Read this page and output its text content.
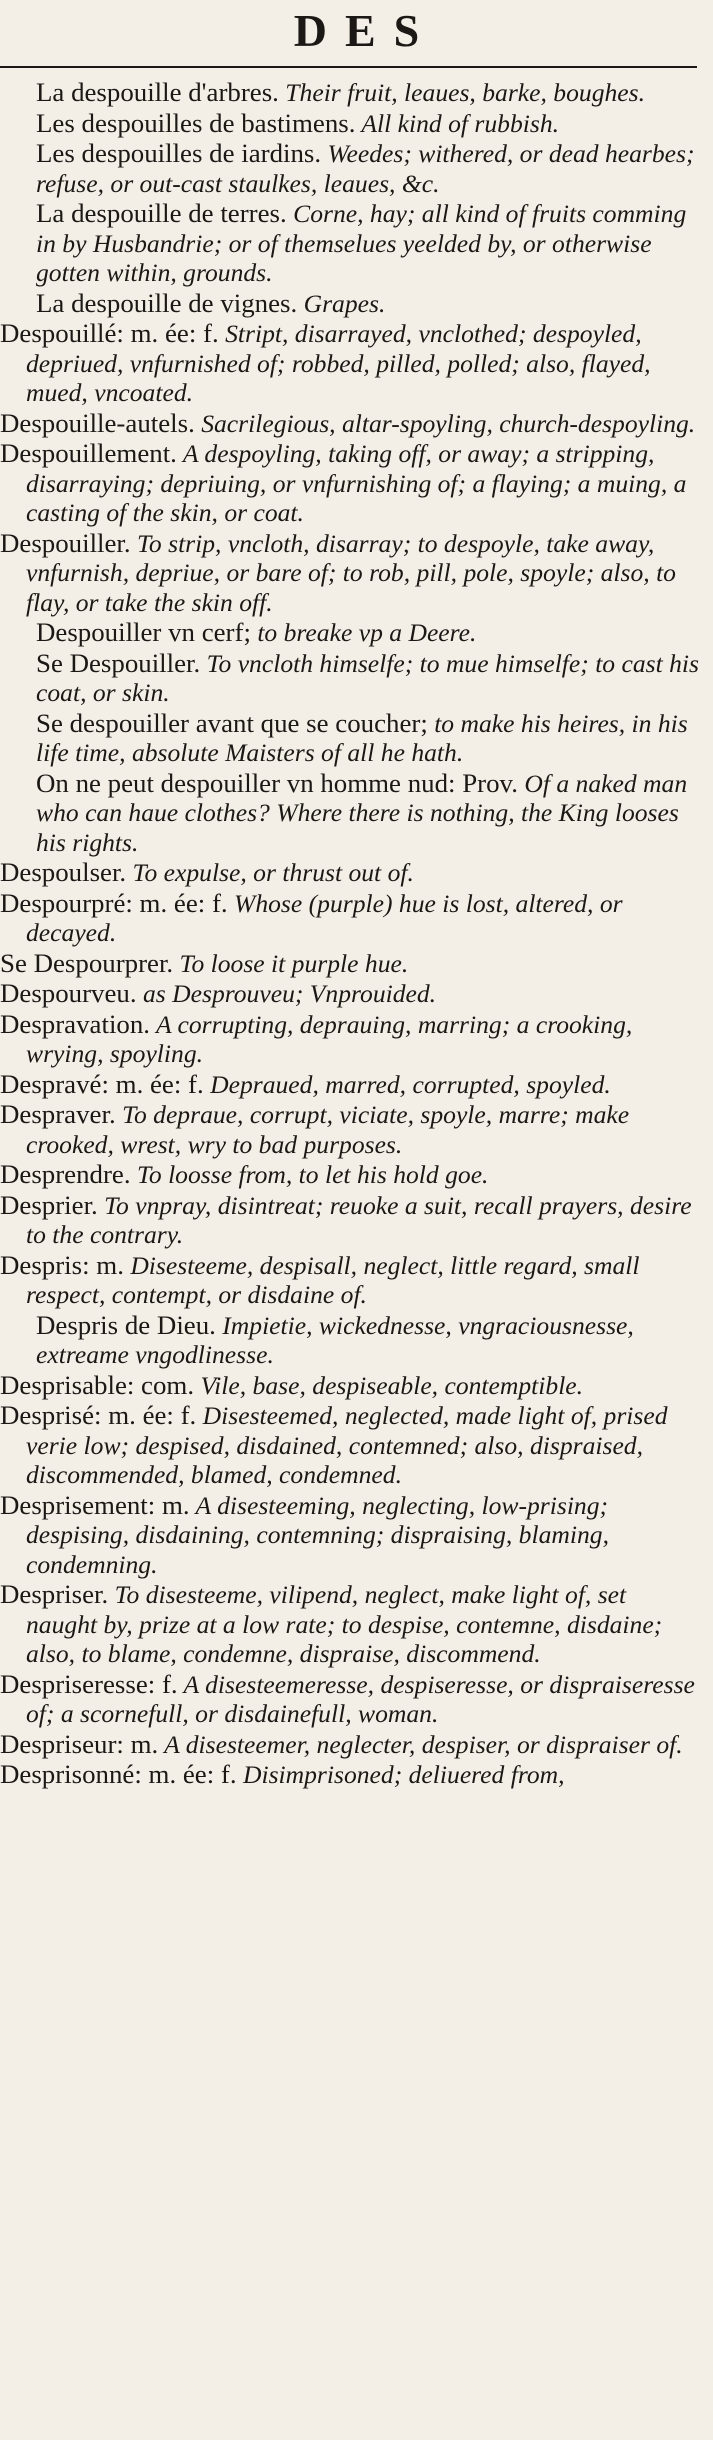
DES
La despouille d'arbres. Their fruit, leaues, barke, boughes.
Les despouilles de bastimens. All kind of rubbish.
Les despouilles de iardins. Weedes; withered, or dead hearbes; refuse, or out-cast staulkes, leaues, &c.
La despouille de terres. Corne, hay; all kind of fruits comming in by Husbandrie; or of themselues yeelded by, or otherwise gotten within, grounds.
La despouille de vignes. Grapes.
Despouillé: m. ée: f. Stript, disarrayed, vnclothed; despoyled, depriued, vnfurnished of; robbed, pilled, polled; also, flayed, mued, vncoated.
Despouille-autels. Sacrilegious, altar-spoyling, church-despoyling.
Despouillement. A despoyling, taking off, or away; a stripping, disarraying; depriuing, or vnfurnishing of; a flaying; a muing, a casting of the skin, or coat.
Despouiller. To strip, vncloth, disarray; to despoyle, take away, vnfurnish, depriue, or bare of; to rob, pill, pole, spoyle; also, to flay, or take the skin off.
Despouiller vn cerf; to breake vp a Deere.
Se Despouiller. To vncloth himselfe; to mue himselfe; to cast his coat, or skin.
Se despouiller avant que se coucher; to make his heires, in his life time, absolute Maisters of all he hath.
On ne peut despouiller vn homme nud: Prov. Of a naked man who can haue clothes? Where there is nothing, the King looses his rights.
Despoulser. To expulse, or thrust out of.
Despourpré: m. ée: f. Whose (purple) hue is lost, altered, or decayed.
Se Despourprer. To loose it purple hue.
Despourveu. as Desprouveu; Vnprouided.
Despravation. A corrupting, deprauing, marring; a crooking, wrying, spoyling.
Despravé: m. ée: f. Depraued, marred, corrupted, spoyled.
Despraver. To depraue, corrupt, viciate, spoyle, marre; make crooked, wrest, wry to bad purposes.
Desprendre. To loosse from, to let his hold goe.
Desprier. To vnpray, disintreat; reuoke a suit, recall prayers, desire to the contrary.
Despris: m. Disesteeme, despisall, neglect, little regard, small respect, contempt, or disdaine of.
Despris de Dieu. Impietie, wickednesse, vngraciousnesse, extreame vngodlinesse.
Desprisable: com. Vile, base, despiseable, contemptible.
Desprisé: m. ée: f. Disesteemed, neglected, made light of, prised verie low; despised, disdained, contemned; also, dispraised, discommended, blamed, condemned.
Desprisement: m. A disesteeming, neglecting, low-prising; despising, disdaining, contemning; dispraising, blaming, condemning.
Despriser. To disesteeme, vilipend, neglect, make light of, set naught by, prize at a low rate; to despise, contemne, disdaine; also, to blame, condemne, dispraise, discommend.
Despriseresse: f. A disesteemeresse, despiseresse, or dispraiseresse of; a scornefull, or disdainefull, woman.
Despriseur: m. A disesteemer, neglecter, despiser, or dispraiser of.
Desprisonné: m. ée: f. Disimprisoned; deliuered from,
